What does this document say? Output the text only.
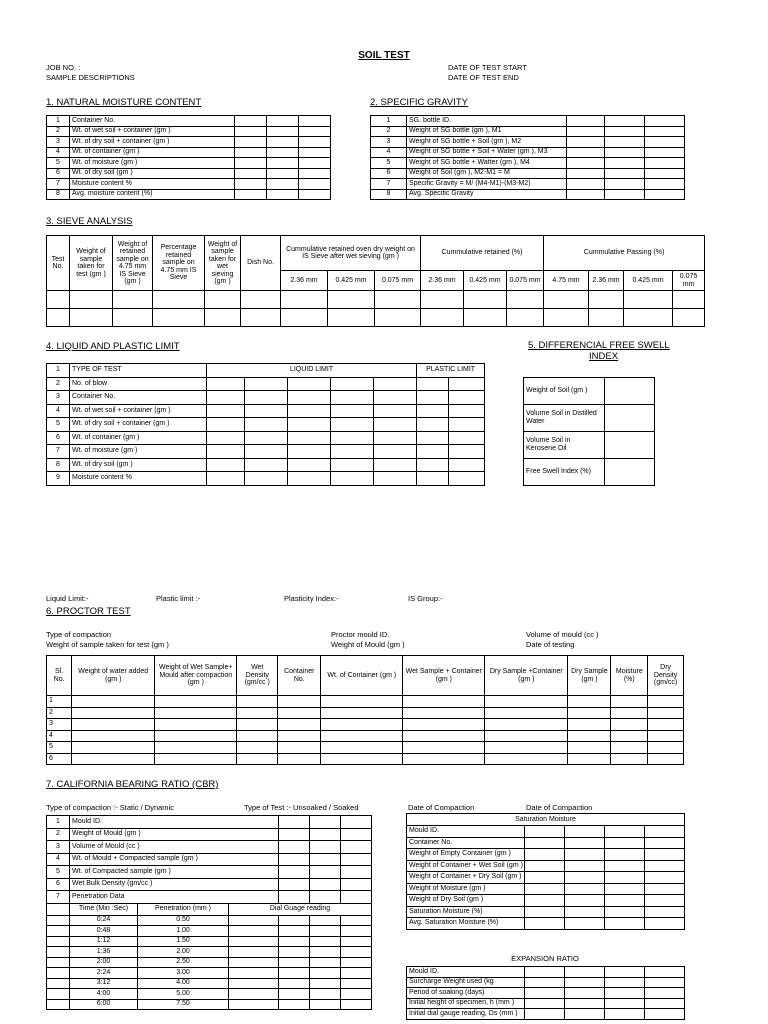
SOIL TEST
JOB NO. :
SAMPLE DESCRIPTIONS
DATE OF TEST START
DATE OF TEST END
1. NATURAL MOISTURE CONTENT
1	Container No.			
2	Wt. of wet soil + container (gm )			
3	Wt. of dry soil + container (gm )			
4	Wt. of container (gm )			
5	Wt. of moisture (gm )			
6	Wt. of dry soil (gm )			
7	Moisture content %			
8	Avg. moisture content (%)			
2. SPECIFIC GRAVITY
1	SG. bottle ID.			
2	Weight of SG bottle (gm ), M1			
3	Weight of SG bottle + Soil (gm ), M2			
4	Weight of SG bottle + Soil + Water (gm ), M3			
5	Weight of SG bottle + Watter (gm ), M4			
6	Weight of Soil (gm ), M2-M1 = M			
7	Specific Gravity = M/ (M4-M1)-(M3-M2)			
8	Avg. Specific Gravity			
3. SIEVE ANALYSIS
Test No.	Weight of sample taken for test (gm )	Weight of retained sample on 4.75 mm IS Sieve (gm )	Percentage retained sample on 4.75 mm IS Sieve	Weight of sample taken for wet sieving (gm )	Dish No.	Cummulative retained oven dry weight on IS Sieve after wet sieving (gm )			Cummulative retained (%)			Cummulative Passing (%)			
						2.36 mm	0.425 mm	0.075 mm	2.36 mm	0.425 mm	0.075 mm	4.75 mm	2.36 mm	0.425 mm	0.075 mm

4. LIQUID AND PLASTIC LIMIT
1	TYPE OF TEST	LIQUID LIMIT					PLASTIC LIMIT	
2	No. of blow							
3	Container No.							
4	Wt. of wet soil + container (gm )							
5	Wt. of dry soil + container (gm )							
6	Wt. of container (gm )							
7	Wt. of moisture (gm )							
8	Wt. of dry soil (gm )							
9	Moisture content %							
5. DIFFERENCIAL FREE SWELL
INDEX
Weight of Soil (gm )	
Volume Soil in Distilled Water	
Volume Soil in Kerosene Oil	
Free Swell Index (%)	
Liquid Limit:-	Plastic limit :-	Plasticity Index:-	IS Group:-
6. PROCTOR TEST
Type of compaction
Weight of sample taken for test (gm )
Proctor mould ID.
Weight of Mould (gm )
Volume of mould (cc )
Date of testing
Sl. No.	Weight of water added (gm )	Weight of Wet Sample+ Mould after compaction (gm )	Wet Density (gm/cc )	Container No.	Wt. of Container (gm )	Wet Sample + Container (gm )	Dry Sample +Container (gm )	Dry Sample (gm )	Moisture (%)	Dry Density (gm/cc)
1										
2										
3										
4										
5										
6										
7. CALIFORNIA BEARING RATIO (CBR)
Type of compaction :- Static / Dynamic	Type of Test :- Unsoaked / Soaked	Date of Compaction	Date of Compaction
1	Mould ID.					
2	Weight of Mould (gm )					
3	Volume of Mould (cc )					
4	Wt. of Mould + Compacted sample (gm )					
5	Wt. of Compacted sample (gm )					
6	Wet Bulk Density (gm/cc )					
7	Penetration Data					
	Time (Min :Sec)	Penetration (mm )	Dial Guage reading			
	0:24	0.50				
	0:48	1.00				
	1:12	1.50				
	1:36	2.00				
	2:00	2.50				
	2:24	3.00				
	3:12	4.00				
	4:00	5.00				
	6:00	7.50				
Saturation Moisture				
Mould ID.				
Container No.				
Weight of Empty Container (gm )				
Weight of Container + Wet Soil (gm )				
Weight of Container + Dry Soil (gm )				
Weight of Moisture (gm )				
Weight of Dry Soil (gm )				
Saturation Moisture (%)				
Avg. Saturation Moisture (%)				
EXPANSION RATIO
Mould ID.				
Surcharge Weight used (kg				
Period of soaking (days)				
Initial height of specimen, h (mm )				
Initial dial gauge reading, Ds (mm )				
